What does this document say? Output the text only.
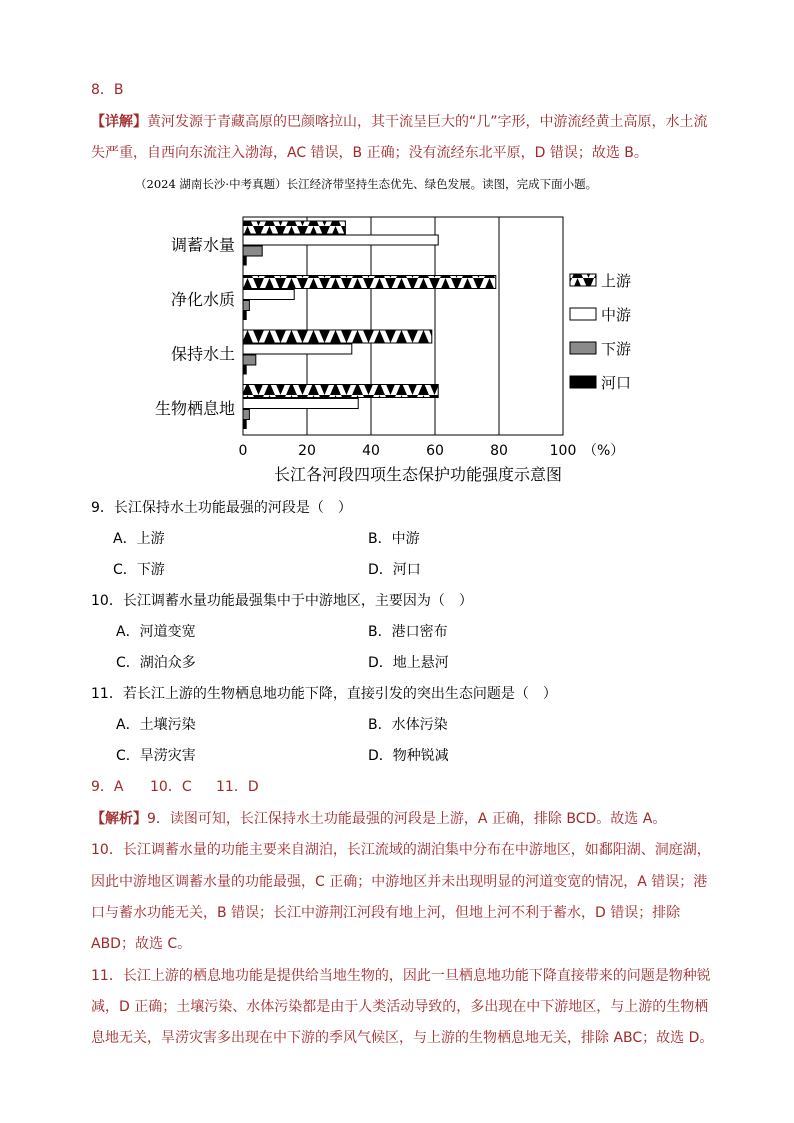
8．B
【详解】黄河发源于青藏高原的巴颜喀拉山，其干流呈巨大的“几”字形，中游流经黄土高原，水土流
失严重，自西向东流注入渤海，AC 错误，B 正确；没有流经东北平原，D 错误；故选 B。
（2024 湖南长沙·中考真题）长江经济带坚持生态优先、绿色发展。读图，完成下面小题。
0	20	40	60	80	100 （%）
调蓄水量
净化水质
保持水土
生物栖息地
长江各河段四项生态保护功能强度示意图
上游
中游
下游
河口
9．长江保持水土功能最强的河段是（　）
A．上游	B．中游
C．下游	D．河口
10．长江调蓄水量功能最强集中于中游地区，主要因为（　）
A．河道变宽	B．港口密布
C．湖泊众多	D．地上悬河
11．若长江上游的生物栖息地功能下降，直接引发的突出生态问题是（　）
A．土壤污染	B．水体污染
C．旱涝灾害	D．物种锐减
9．A 10．C 11．D
【解析】9．读图可知，长江保持水土功能最强的河段是上游，A 正确，排除 BCD。故选 A。
10．长江调蓄水量的功能主要来自湖泊，长江流域的湖泊集中分布在中游地区，如鄱阳湖、洞庭湖，
因此中游地区调蓄水量的功能最强，C 正确；中游地区并未出现明显的河道变宽的情况，A 错误；港
口与蓄水功能无关，B 错误；长江中游荆江河段有地上河，但地上河不利于蓄水，D 错误；排除
ABD；故选 C。
11．长江上游的栖息地功能是提供给当地生物的，因此一旦栖息地功能下降直接带来的问题是物种锐
减，D 正确；土壤污染、水体污染都是由于人类活动导致的，多出现在中下游地区，与上游的生物栖
息地无关，旱涝灾害多出现在中下游的季风气候区，与上游的生物栖息地无关，排除 ABC；故选 D。
